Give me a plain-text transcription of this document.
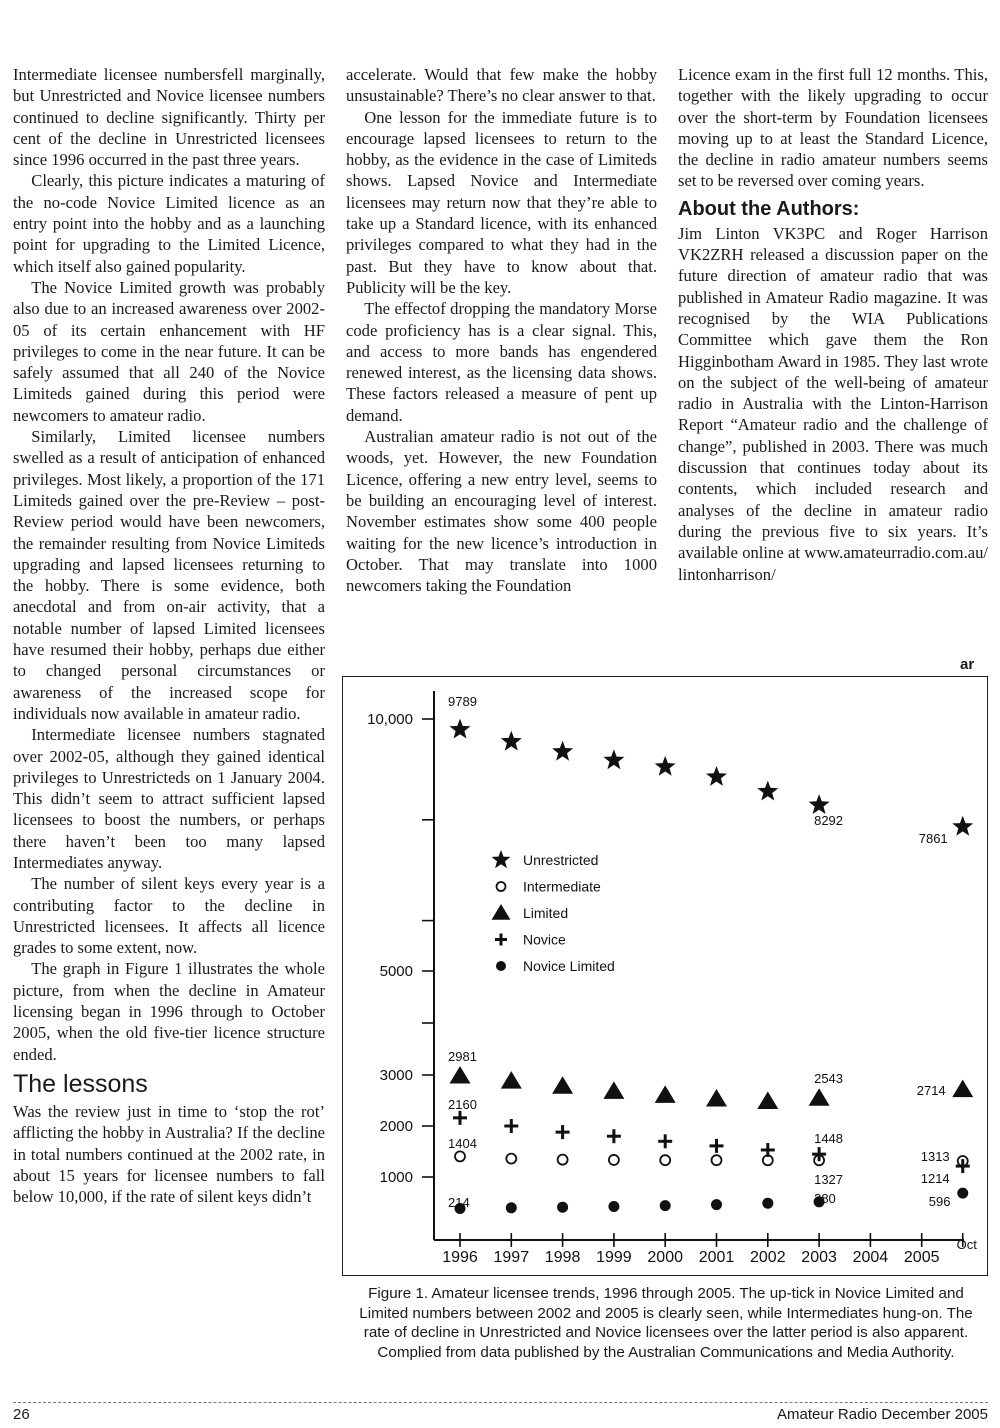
Intermediate licensee numbersfell marginally, but Unrestricted and Novice licensee numbers continued to decline significantly. Thirty per cent of the decline in Unrestricted licensees since 1996 occurred in the past three years.

Clearly, this picture indicates a maturing of the no-code Novice Limited licence as an entry point into the hobby and as a launching point for upgrading to the Limited Licence, which itself also gained popularity.

The Novice Limited growth was probably also due to an increased awareness over 2002-05 of its certain enhancement with HF privileges to come in the near future. It can be safely assumed that all 240 of the Novice Limiteds gained during this period were newcomers to amateur radio.

Similarly, Limited licensee numbers swelled as a result of anticipation of enhanced privileges. Most likely, a proportion of the 171 Limiteds gained over the pre-Review – post-Review period would have been newcomers, the remainder resulting from Novice Limiteds upgrading and lapsed licensees returning to the hobby. There is some evidence, both anecdotal and from on-air activity, that a notable number of lapsed Limited licensees have resumed their hobby, perhaps due either to changed personal circumstances or awareness of the increased scope for individuals now available in amateur radio.

Intermediate licensee numbers stagnated over 2002-05, although they gained identical privileges to Unrestricteds on 1 January 2004. This didn’t seem to attract sufficient lapsed licensees to boost the numbers, or perhaps there haven’t been too many lapsed Intermediates anyway.

The number of silent keys every year is a contributing factor to the decline in Unrestricted licensees. It affects all licence grades to some extent, now.

The graph in Figure 1 illustrates the whole picture, from when the decline in Amateur licensing began in 1996 through to October 2005, when the old five-tier licence structure ended.

The lessons

Was the review just in time to ‘stop the rot’ afflicting the hobby in Australia? If the decline in total numbers continued at the 2002 rate, in about 15 years for licensee numbers to fall below 10,000, if the rate of silent keys didn’t

accelerate. Would that few make the hobby unsustainable? There’s no clear answer to that.

One lesson for the immediate future is to encourage lapsed licensees to return to the hobby, as the evidence in the case of Limiteds shows. Lapsed Novice and Intermediate licensees may return now that they’re able to take up a Standard licence, with its enhanced privileges compared to what they had in the past. But they have to know about that. Publicity will be the key.

The effectof dropping the mandatory Morse code proficiency has is a clear signal. This, and access to more bands has engendered renewed interest, as the licensing data shows. These factors released a measure of pent up demand.

Australian amateur radio is not out of the woods, yet. However, the new Foundation Licence, offering a new entry level, seems to be building an encouraging level of interest. November estimates show some 400 people waiting for the new licence’s introduction in October. That may translate into 1000 newcomers taking the Foundation

Licence exam in the first full 12 months. This, together with the likely upgrading to occur over the short-term by Foundation licensees moving up to at least the Standard Licence, the decline in radio amateur numbers seems set to be reversed over coming years.

About the Authors:

Jim Linton VK3PC and Roger Harrison VK2ZRH released a discussion paper on the future direction of amateur radio that was published in Amateur Radio magazine. It was recognised by the WIA Publications Committee which gave them the Ron Higginbotham Award in 1985. They last wrote on the subject of the well-being of amateur radio in Australia with the Linton-Harrison Report “Amateur radio and the challenge of change”, published in 2003. There was much discussion that continues today about its contents, which included research and analyses of the decline in amateur radio during the previous five to six years. It’s available online at www.amateurradio.com.au/ lintonharrison/

ar
1000
2000
3000
5000
10,000
1996 1997 1998 1999 2000 2001 2002 2003 2004 2005
Oct
Unrestricted
Intermediate
Limited
Novice
Novice Limited
9789
8292
7861
2981
2543
2714
2160
1404	1448
1327
1313
1214
214	380	596
Figure 1. Amateur licensee trends, 1996 through 2005. The up-tick in Novice Limited and Limited numbers between 2002 and 2005 is clearly seen, while Intermediates hung-on. The rate of decline in Unrestricted and Novice licensees over the latter period is also apparent. Complied from data published by the Australian Communications and Media Authority.
26	Amateur Radio December 2005
